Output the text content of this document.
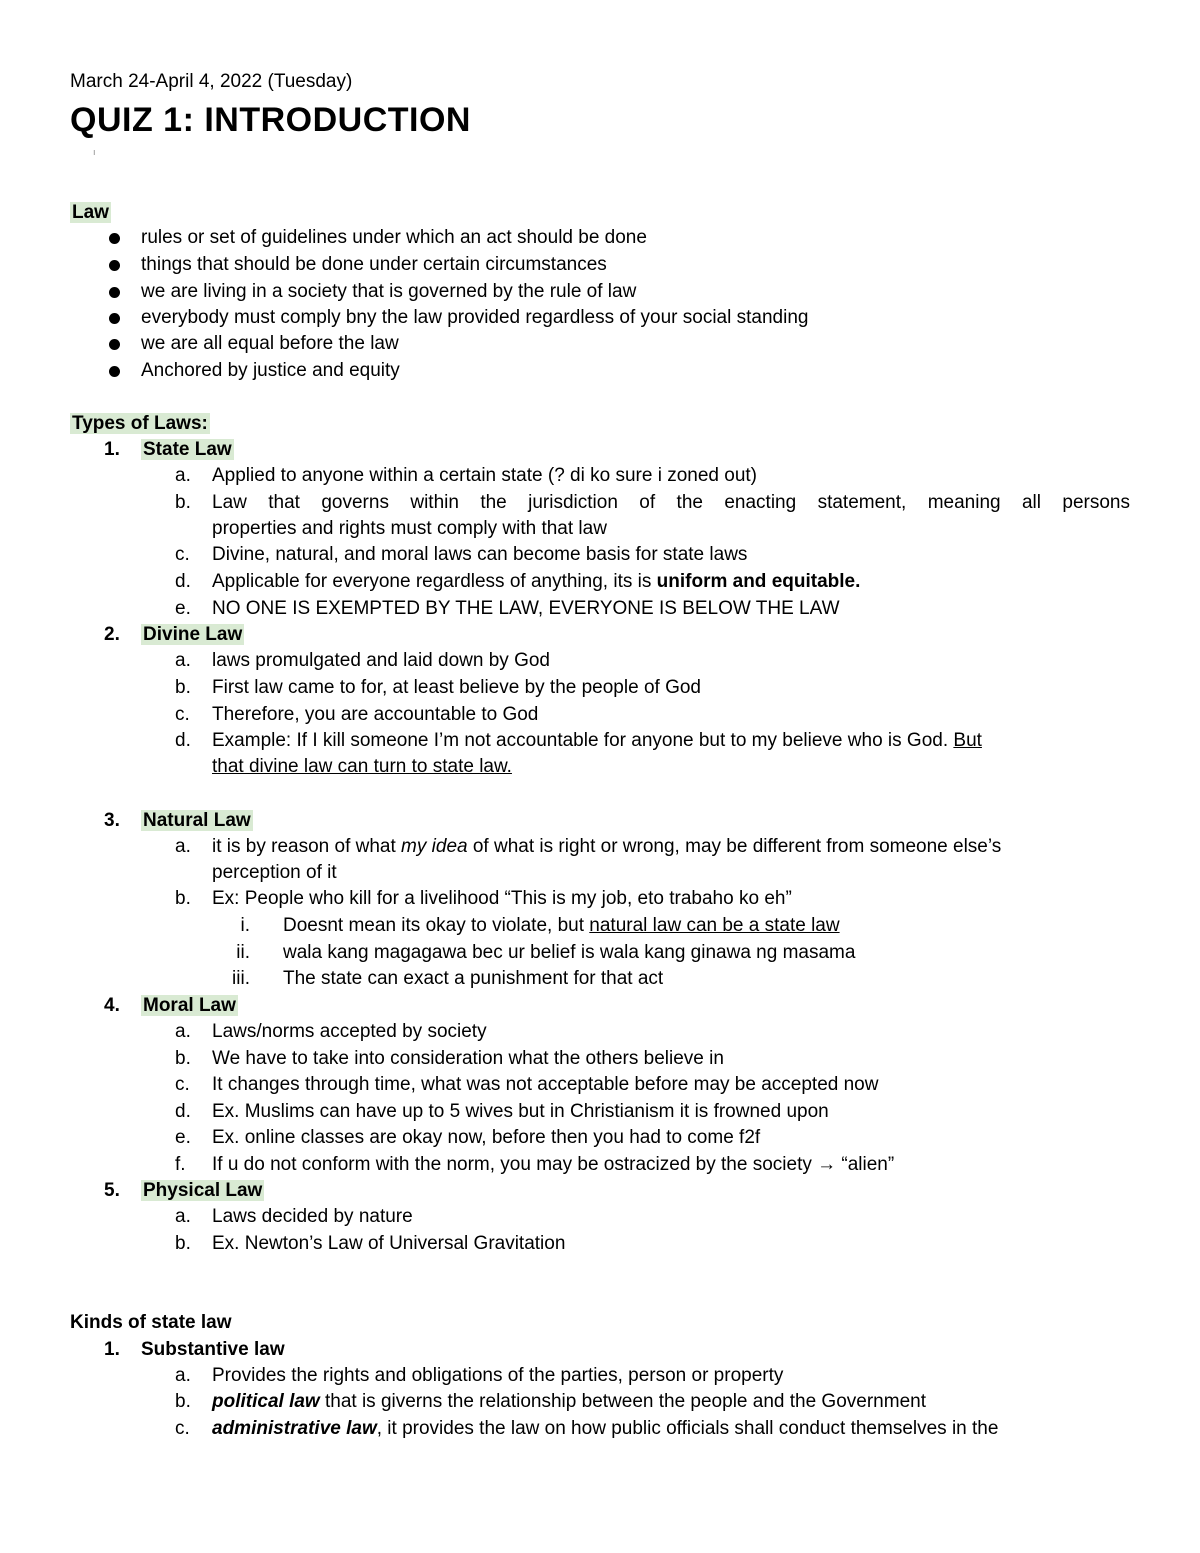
March 24-April 4, 2022 (Tuesday)
QUIZ 1: INTRODUCTION
ı
Law
rules or set of guidelines under which an act should be done
things that should be done under certain circumstances
we are living in a society that is governed by the rule of law
everybody must comply bny the law provided regardless of your social standing
we are all equal before the law
Anchored by justice and equity
Types of Laws:
1. State Law
a. Applied to anyone within a certain state (? di ko sure i zoned out)
b. Law that governs within the jurisdiction of the enacting statement, meaning all persons
properties and rights must comply with that law
c. Divine, natural, and moral laws can become basis for state laws
d. Applicable for everyone regardless of anything, its is uniform and equitable.
e. NO ONE IS EXEMPTED BY THE LAW, EVERYONE IS BELOW THE LAW
2. Divine Law
a. laws promulgated and laid down by God
b. First law came to for, at least believe by the people of God
c. Therefore, you are accountable to God
d. Example: If I kill someone I’m not accountable for anyone but to my believe who is God. But
that divine law can turn to state law.
3. Natural Law
a. it is by reason of what my idea of what is right or wrong, may be different from someone else’s
perception of it
b. Ex: People who kill for a livelihood “This is my job, eto trabaho ko eh”
i. Doesnt mean its okay to violate, but natural law can be a state law
ii. wala kang magagawa bec ur belief is wala kang ginawa ng masama
iii. The state can exact a punishment for that act
4. Moral Law
a. Laws/norms accepted by society
b. We have to take into consideration what the others believe in
c. It changes through time, what was not acceptable before may be accepted now
d. Ex. Muslims can have up to 5 wives but in Christianism it is frowned upon
e. Ex. online classes are okay now, before then you had to come f2f
f. If u do not conform with the norm, you may be ostracized by the society → “alien”
5. Physical Law
a. Laws decided by nature
b. Ex. Newton’s Law of Universal Gravitation
Kinds of state law
1. Substantive law
a. Provides the rights and obligations of the parties, person or property
b. political law that is giverns the relationship between the people and the Government
c. administrative law, it provides the law on how public officials shall conduct themselves in the
